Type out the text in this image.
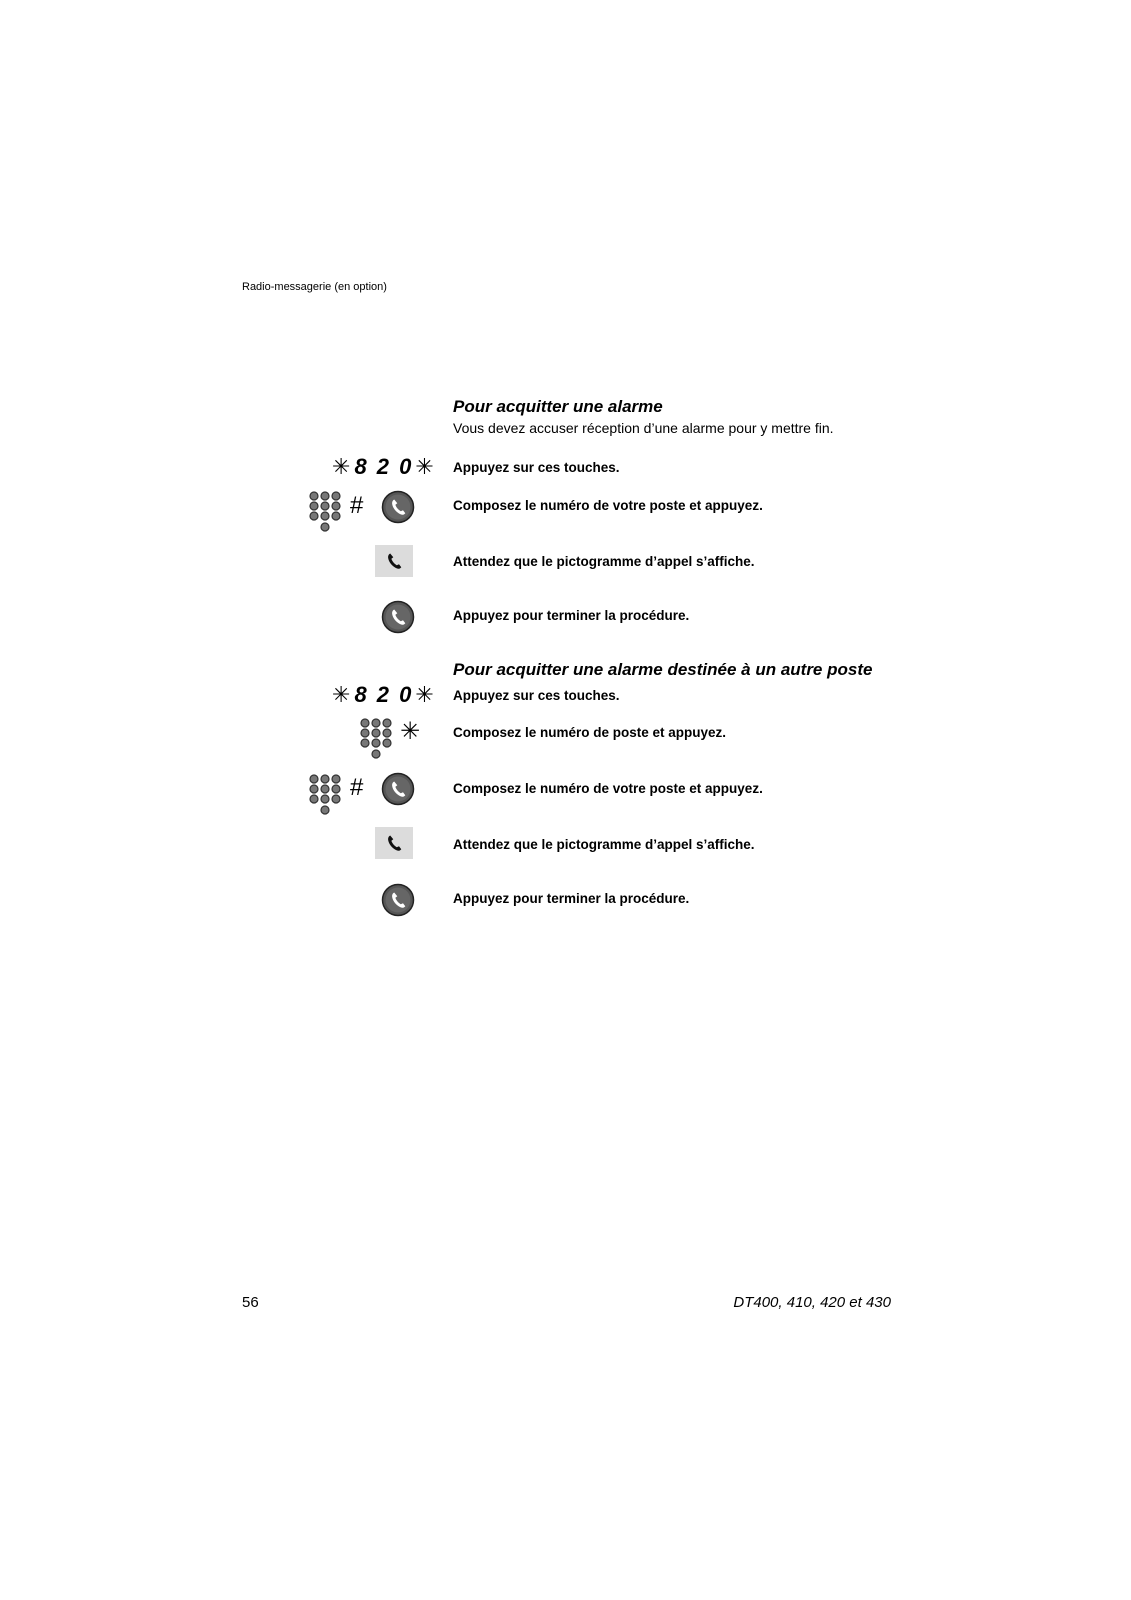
Radio-messagerie (en option)
Pour acquitter une alarme
Vous devez accuser réception d’une alarme pour y mettre fin.
✳ 8 2 0 ✳ Appuyez sur ces touches.
#	Composez le numéro de votre poste et appuyez.
Attendez que le pictogramme d’appel s’affiche.
Appuyez pour terminer la procédure.
Pour acquitter une alarme destinée à un autre poste
✳ 8 2 0 ✳ Appuyez sur ces touches.
✳ Composez le numéro de poste et appuyez.
#	Composez le numéro de votre poste et appuyez.
Attendez que le pictogramme d’appel s’affiche.
Appuyez pour terminer la procédure.
56	DT400, 410, 420 et 430
